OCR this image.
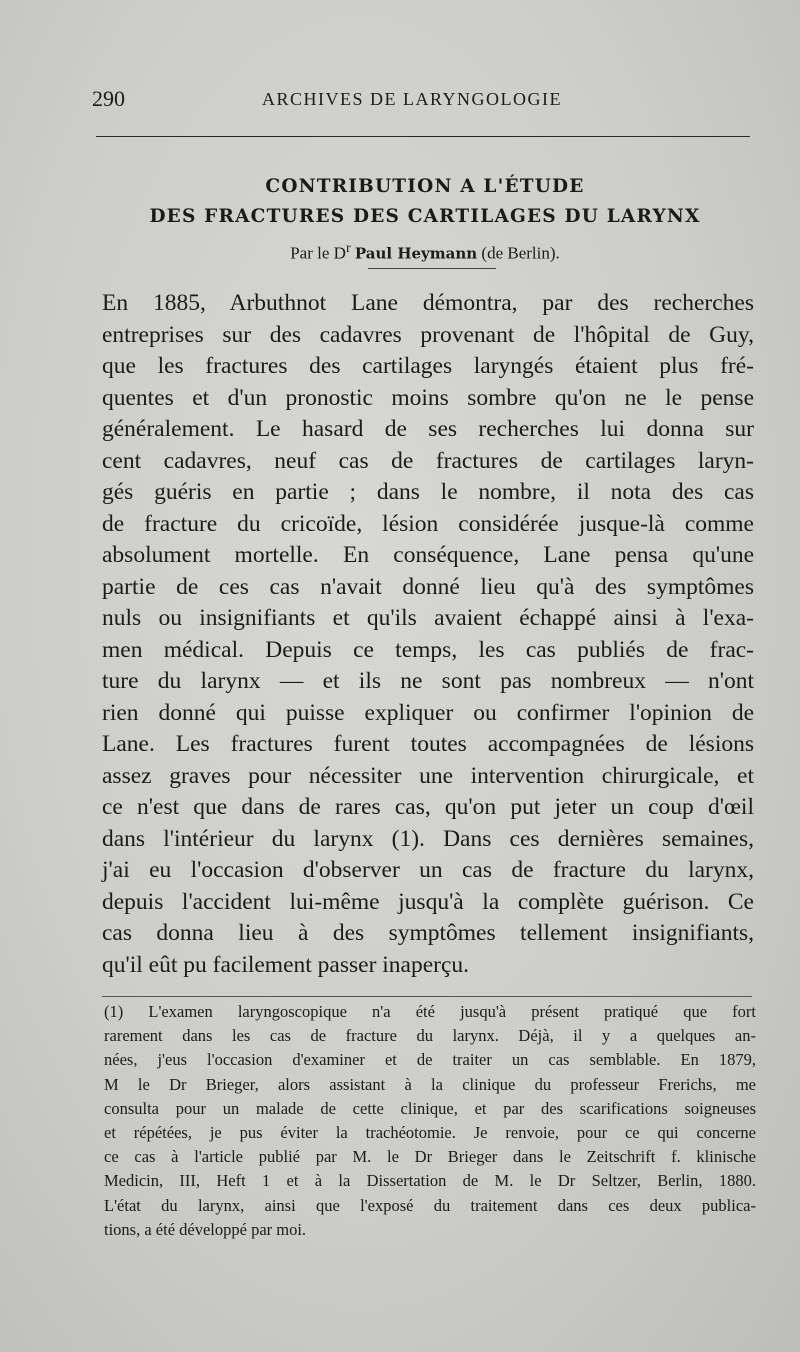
290	ARCHIVES DE LARYNGOLOGIE
CONTRIBUTION A L'ÉTUDE
DES FRACTURES DES CARTILAGES DU LARYNX
Par le $D^r$ Paul Heymann (de Berlin).
En 1885, Arbuthnot Lane démontra, par des recherches
entreprises sur des cadavres provenant de l'hôpital de Guy,
que les fractures des cartilages laryngés étaient plus fré-
quentes et d'un pronostic moins sombre qu'on ne le pense
généralement. Le hasard de ses recherches lui donna sur
cent cadavres, neuf cas de fractures de cartilages laryn-
gés guéris en partie ; dans le nombre, il nota des cas
de fracture du cricoïde, lésion considérée jusque-là comme
absolument mortelle. En conséquence, Lane pensa qu'une
partie de ces cas n'avait donné lieu qu'à des symptômes
nuls ou insignifiants et qu'ils avaient échappé ainsi à l'exa-
men médical. Depuis ce temps, les cas publiés de frac-
ture du larynx — et ils ne sont pas nombreux — n'ont
rien donné qui puisse expliquer ou confirmer l'opinion de
Lane. Les fractures furent toutes accompagnées de lésions
assez graves pour nécessiter une intervention chirurgicale, et
ce n'est que dans de rares cas, qu'on put jeter un coup d'œil
dans l'intérieur du larynx (1). Dans ces dernières semaines,
j'ai eu l'occasion d'observer un cas de fracture du larynx,
depuis l'accident lui-même jusqu'à la complète guérison. Ce
cas donna lieu à des symptômes tellement insignifiants,
qu'il eût pu facilement passer inaperçu.
(1) L'examen laryngoscopique n'a été jusqu'à présent pratiqué que fort
rarement dans les cas de fracture du larynx. Déjà, il y a quelques an-
nées, j'eus l'occasion d'examiner et de traiter un cas semblable. En 1879,
M le Dr Brieger, alors assistant à la clinique du professeur Frerichs, me
consulta pour un malade de cette clinique, et par des scarifications soigneuses
et répétées, je pus éviter la trachéotomie. Je renvoie, pour ce qui concerne
ce cas à l'article publié par M. le Dr Brieger dans le Zeitschrift f. klinische
Medicin, III, Heft 1 et à la Dissertation de M. le Dr Seltzer, Berlin, 1880.
L'état du larynx, ainsi que l'exposé du traitement dans ces deux publica-
tions, a été développé par moi.
